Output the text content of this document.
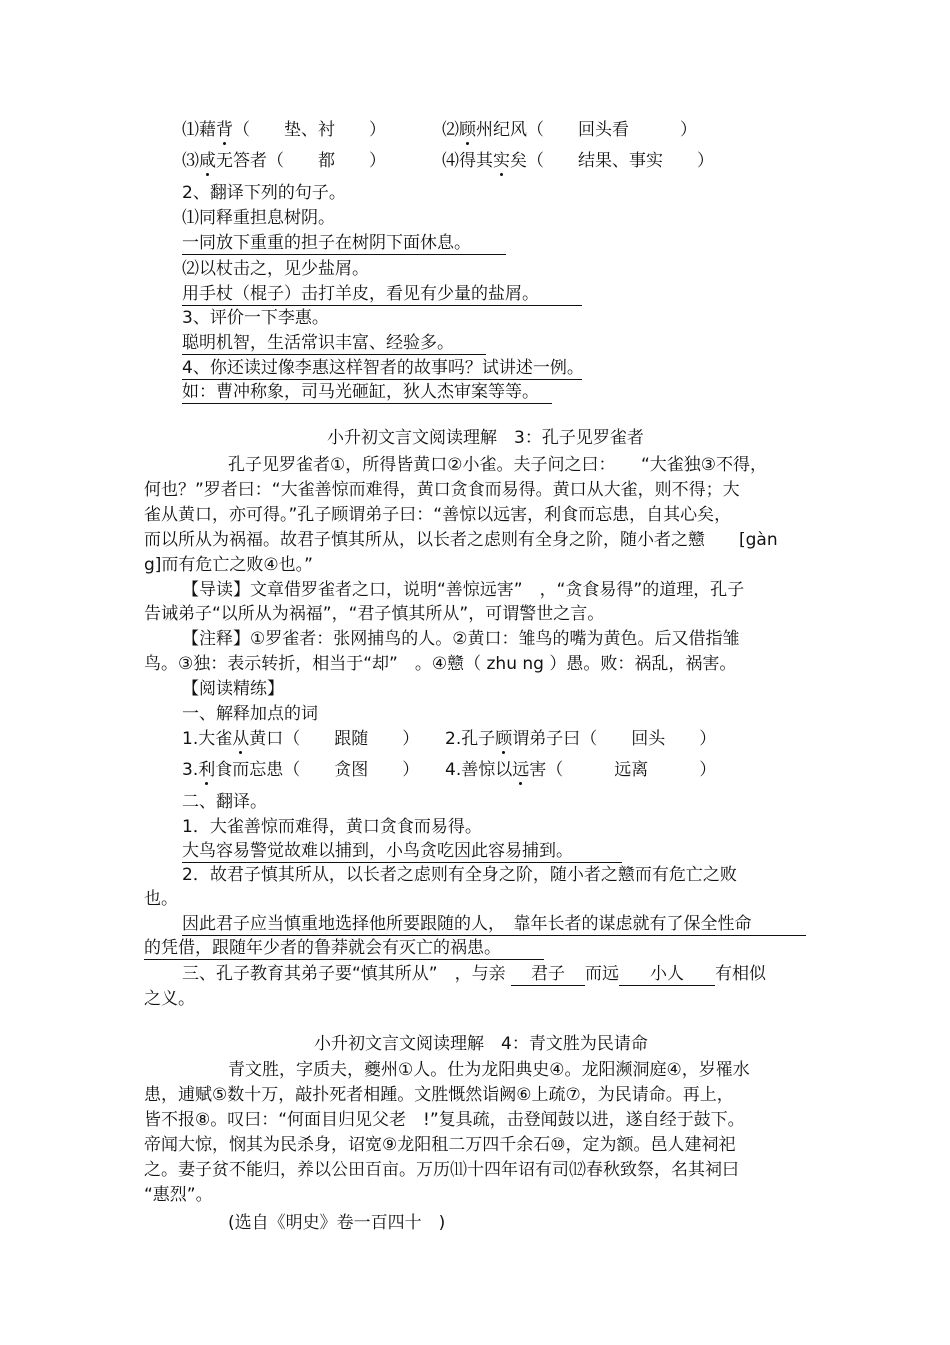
⑴藉背（　　垫、衬　　）	⑵顾州纪风（　　回头看　　　）
⑶咸无答者（　　都　　）	⑷得其实矣（　　结果、事实　　）
2、翻译下列的句子。
⑴同释重担息树阴。
一同放下重重的担子在树阴下面休息。
⑵以杖击之，见少盐屑。
用手杖（棍子）击打羊皮，看见有少量的盐屑。
3、评价一下李惠。
聪明机智，生活常识丰富、经验多。
4、你还读过像李惠这样智者的故事吗？试讲述一例。
如：曹冲称象，司马光砸缸，狄人杰审案等等。
小升初文言文阅读理解　3：孔子见罗雀者
孔子见罗雀者①，所得皆黄口②小雀。夫子问之曰：　　“大雀独③不得，
何也？”罗者曰：“大雀善惊而难得，黄口贪食而易得。黄口从大雀，则不得；大
雀从黄口，亦可得。”孔子顾谓弟子曰：“善惊以远害，利食而忘患，自其心矣，
而以所从为祸福。故君子慎其所从，以长者之虑则有全身之阶，随小者之戆　　[gàn
g]而有危亡之败④也。”
【导读】文章借罗雀者之口，说明“善惊远害”　，“贪食易得”的道理，孔子
告诫弟子“以所从为祸福”，“君子慎其所从”，可谓警世之言。
【注释】①罗雀者：张网捕鸟的人。②黄口：雏鸟的嘴为黄色。后又借指雏
鸟。③独：表示转折，相当于“却”　。④戆（ zhu ng ）愚。败：祸乱，祸害。
【阅读精练】
一、解释加点的词
1.大雀从黄口（　　跟随　　） 2.孔子顾谓弟子曰（　　回头　　）
3.利食而忘患（　　贪图　　） 4.善惊以远害（　　　远离　　　）
二、翻译。
1．大雀善惊而难得，黄口贪食而易得。
大鸟容易警觉故难以捕到，小鸟贪吃因此容易捕到。
2．故君子慎其所从，以长者之虑则有全身之阶，随小者之戆而有危亡之败
也。
因此君子应当慎重地选择他所要跟随的人，　靠年长者的谋虑就有了保全性命
的凭借，跟随年少者的鲁莽就会有灭亡的祸患。
三、孔子教育其弟子要“慎其所从”　，与亲 君子 而远 小人 有相似
之义。
小升初文言文阅读理解　4：青文胜为民请命
青文胜，字质夫，夔州①人。仕为龙阳典史④。龙阳濒洞庭④，岁罹水
患，逋赋⑤数十万，敲扑死者相踵。文胜慨然诣阙⑥上疏⑦，为民请命。再上，
皆不报⑧。叹曰：“何面目归见父老　!”复具疏，击登闻鼓以进，遂自经于鼓下。
帝闻大惊，悯其为民杀身，诏宽⑨龙阳租二万四千余石⑩，定为额。邑人建祠祀
之。妻子贫不能归，养以公田百亩。万历⑾十四年诏有司⑿春秋致祭，名其祠曰
“惠烈”。
(选自《明史》卷一百四十　)
